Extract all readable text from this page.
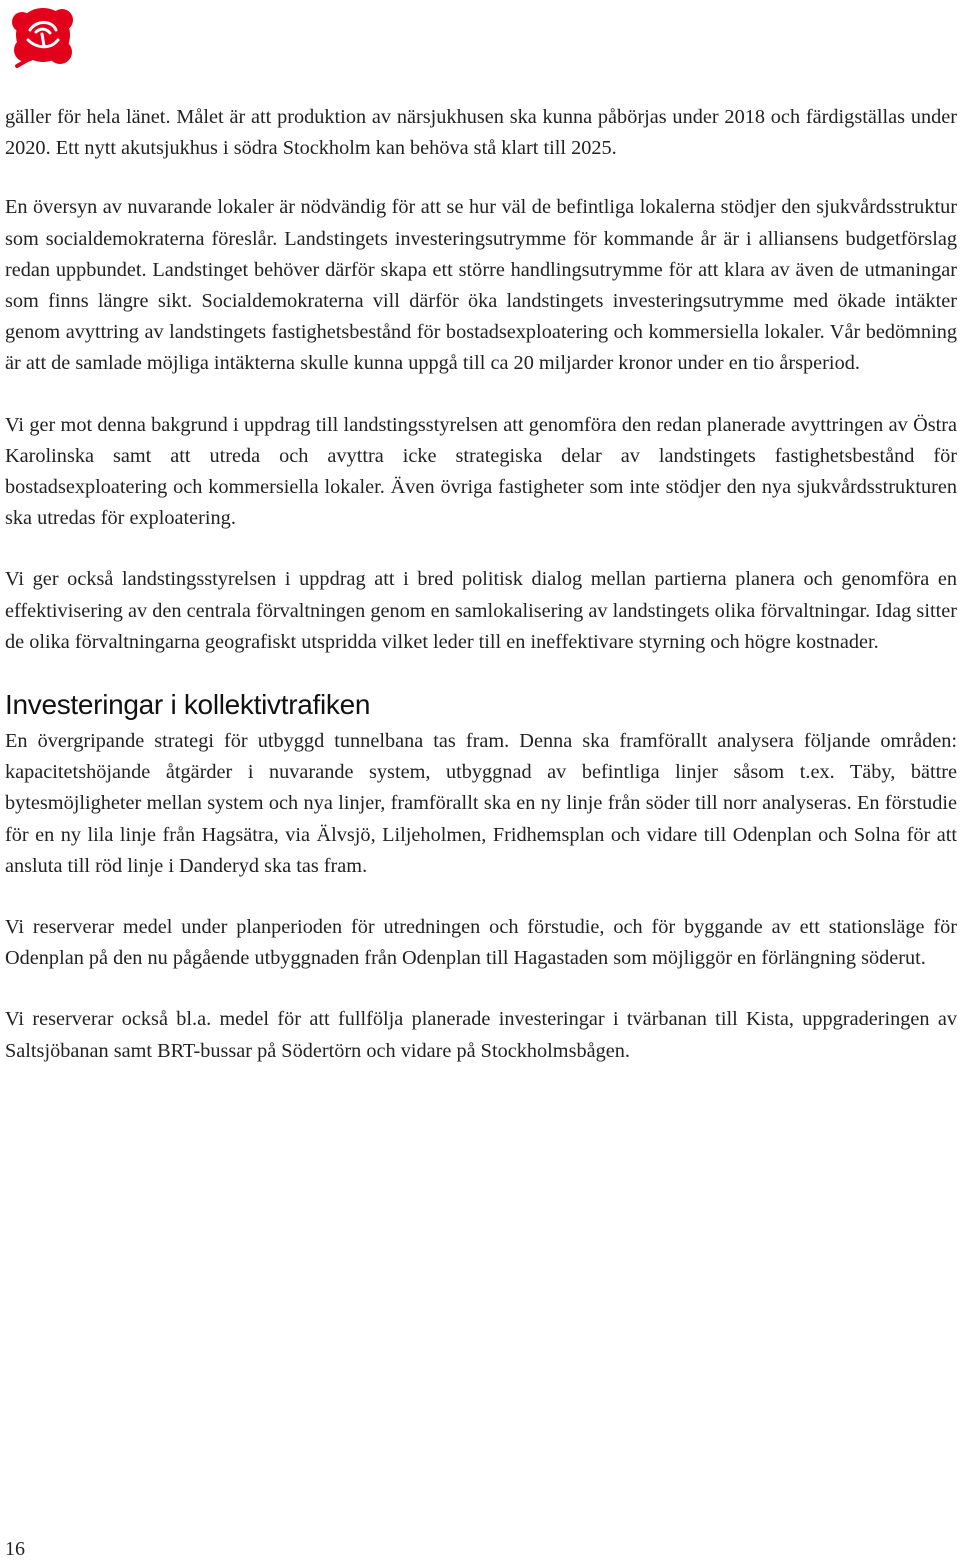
gäller för hela länet. Målet är att produktion av närsjukhusen ska kunna påbörjas under 2018 och färdigställas under 2020. Ett nytt akutsjukhus i södra Stockholm kan behöva stå klart till 2025.

En översyn av nuvarande lokaler är nödvändig för att se hur väl de befintliga lokalerna stödjer den sjukvårdsstruktur som socialdemokraterna föreslår. Landstingets investeringsutrymme för kommande år är i alliansens budgetförslag redan uppbundet. Landstinget behöver därför skapa ett större handlingsutrymme för att klara av även de utmaningar som finns längre sikt. Socialdemokraterna vill därför öka landstingets investeringsutrymme med ökade intäkter genom avyttring av landstingets fastighetsbestånd för bostadsexploatering och kommersiella lokaler. Vår bedömning är att de samlade möjliga intäkterna skulle kunna uppgå till ca 20 miljarder kronor under en tio årsperiod.

Vi ger mot denna bakgrund i uppdrag till landstingsstyrelsen att genomföra den redan planerade avyttringen av Östra Karolinska samt att utreda och avyttra icke strategiska delar av landstingets fastighetsbestånd för bostadsexploatering och kommersiella lokaler. Även övriga fastigheter som inte stödjer den nya sjukvårdsstrukturen ska utredas för exploatering.

Vi ger också landstingsstyrelsen i uppdrag att i bred politisk dialog mellan partierna planera och genomföra en effektivisering av den centrala förvaltningen genom en samlokalisering av landstingets olika förvaltningar. Idag sitter de olika förvaltningarna geografiskt utspridda vilket leder till en ineffektivare styrning och högre kostnader.

Investeringar i kollektivtrafiken

En övergripande strategi för utbyggd tunnelbana tas fram. Denna ska framförallt analysera följande områden: kapacitetshöjande åtgärder i nuvarande system, utbyggnad av befintliga linjer såsom t.ex. Täby, bättre bytesmöjligheter mellan system och nya linjer, framförallt ska en ny linje från söder till norr analyseras. En förstudie för en ny lila linje från Hagsätra, via Älvsjö, Liljeholmen, Fridhemsplan och vidare till Odenplan och Solna för att ansluta till röd linje i Danderyd ska tas fram.

Vi reserverar medel under planperioden för utredningen och förstudie, och för byggande av ett stationsläge för Odenplan på den nu pågående utbyggnaden från Odenplan till Hagastaden som möjliggör en förlängning söderut.

Vi reserverar också bl.a. medel för att fullfölja planerade investeringar i tvärbanan till Kista, uppgraderingen av Saltsjöbanan samt BRT-bussar på Södertörn och vidare på Stockholmsbågen.

16
